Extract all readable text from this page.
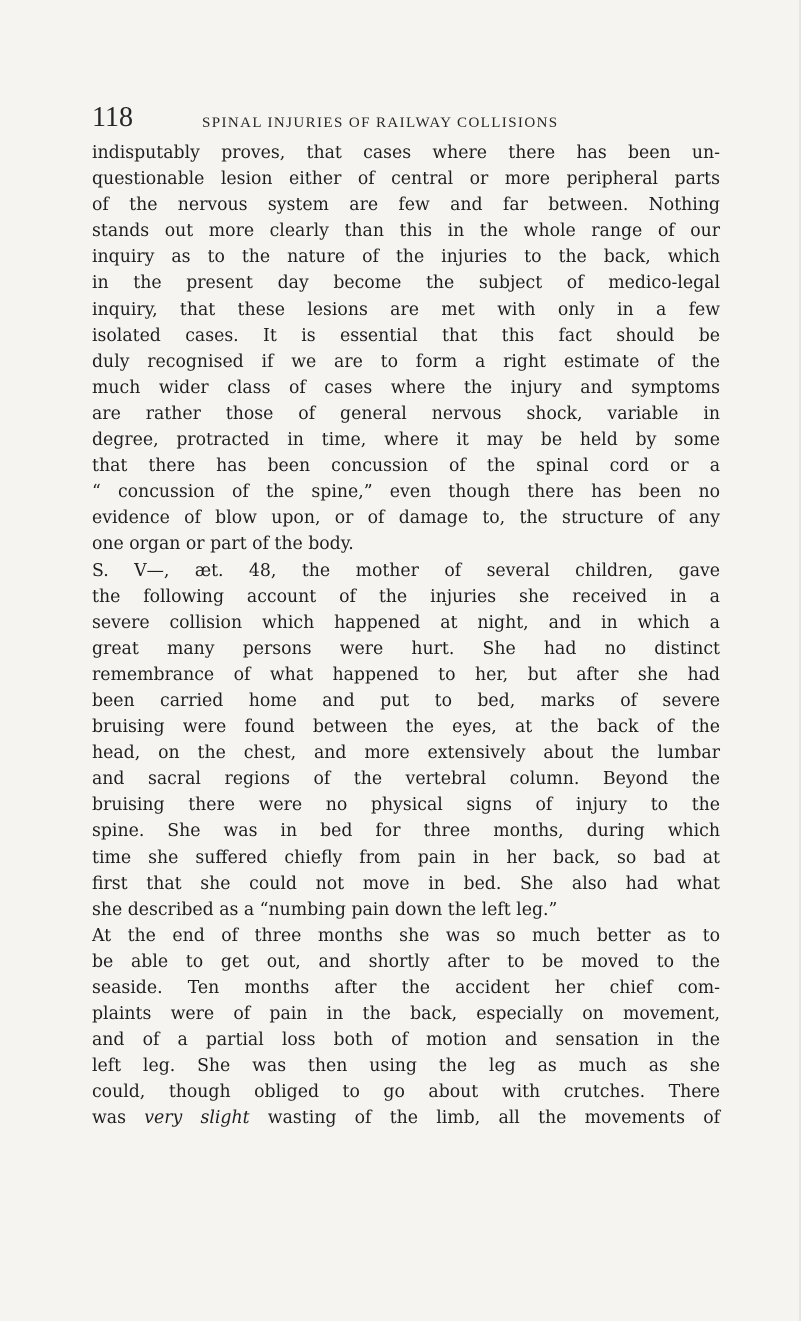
118	SPINAL INJURIES OF RAILWAY COLLISIONS
indisputably proves, that cases where there has been un-
questionable lesion either of central or more peripheral parts
of the nervous system are few and far between. Nothing
stands out more clearly than this in the whole range of our
inquiry as to the nature of the injuries to the back, which
in the present day become the subject of medico-legal
inquiry, that these lesions are met with only in a few
isolated cases. It is essential that this fact should be
duly recognised if we are to form a right estimate of the
much wider class of cases where the injury and symptoms
are rather those of general nervous shock, variable in
degree, protracted in time, where it may be held by some
that there has been concussion of the spinal cord or a
“ concussion of the spine,” even though there has been no
evidence of blow upon, or of damage to, the structure of any
one organ or part of the body.
S. V—, æt. 48, the mother of several children, gave
the following account of the injuries she received in a
severe collision which happened at night, and in which a
great many persons were hurt. She had no distinct
remembrance of what happened to her, but after she had
been carried home and put to bed, marks of severe
bruising were found between the eyes, at the back of the
head, on the chest, and more extensively about the lumbar
and sacral regions of the vertebral column. Beyond the
bruising there were no physical signs of injury to the
spine. She was in bed for three months, during which
time she suffered chiefly from pain in her back, so bad at
first that she could not move in bed. She also had what
she described as a “numbing pain down the left leg.”
At the end of three months she was so much better as to
be able to get out, and shortly after to be moved to the
seaside. Ten months after the accident her chief com-
plaints were of pain in the back, especially on movement,
and of a partial loss both of motion and sensation in the
left leg. She was then using the leg as much as she
could, though obliged to go about with crutches. There
was very slight wasting of the limb, all the movements of
